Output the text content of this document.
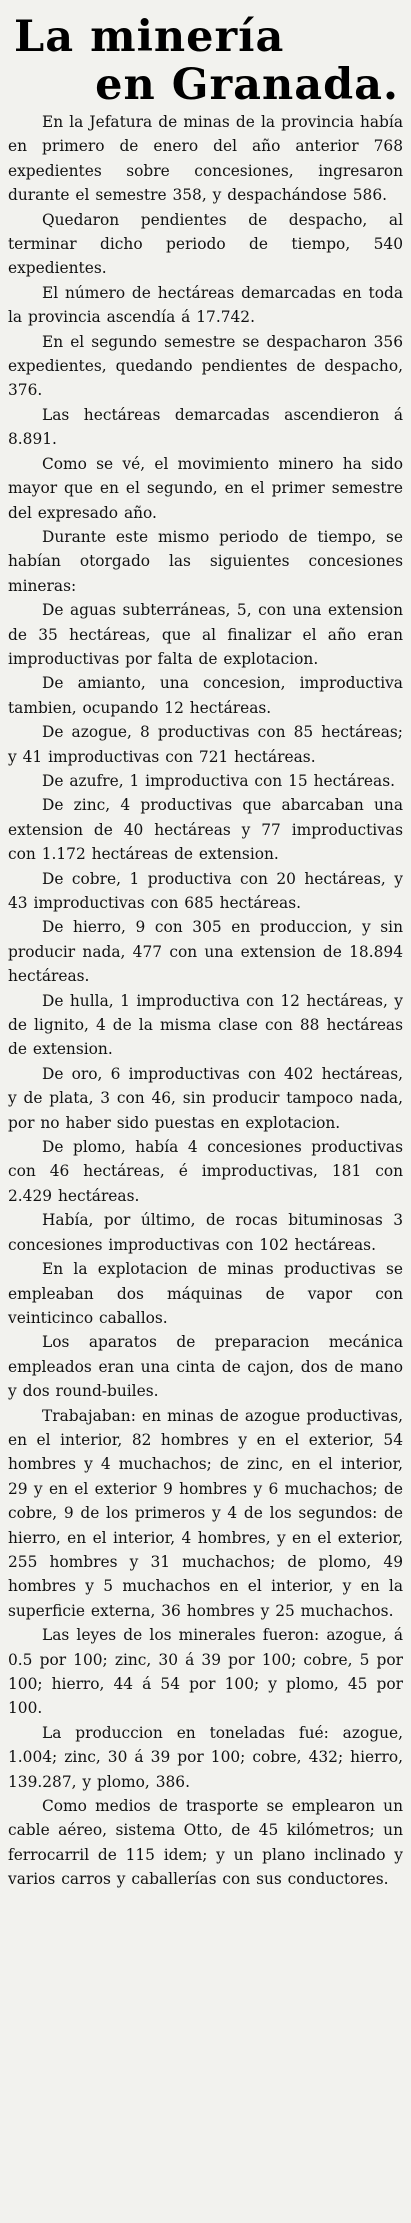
La minería
en Granada.

En la Jefatura de minas de la provincia había en primero de enero del año anterior 768 expedientes sobre concesiones, ingresaron durante el semestre 358, y despachándose 586.

Quedaron pendientes de despacho, al terminar dicho periodo de tiempo, 540 expedientes.

El número de hectáreas demarcadas en toda la provincia ascendía á 17.742.

En el segundo semestre se despacharon 356 expedientes, quedando pendientes de despacho, 376.

Las hectáreas demarcadas ascendieron á 8.891.

Como se vé, el movimiento minero ha sido mayor que en el segundo, en el primer semestre del expresado año.

Durante este mismo periodo de tiempo, se habían otorgado las siguientes concesiones mineras:

De aguas subterráneas, 5, con una extension de 35 hectáreas, que al finalizar el año eran improductivas por falta de explotacion.

De amianto, una concesion, improductiva tambien, ocupando 12 hectáreas.

De azogue, 8 productivas con 85 hectáreas; y 41 improductivas con 721 hectáreas.

De azufre, 1 improductiva con 15 hectáreas.

De zinc, 4 productivas que abarcaban una extension de 40 hectáreas y 77 improductivas con 1.172 hectáreas de extension.

De cobre, 1 productiva con 20 hectáreas, y 43 improductivas con 685 hectáreas.

De hierro, 9 con 305 en produccion, y sin producir nada, 477 con una extension de 18.894 hectáreas.

De hulla, 1 improductiva con 12 hectáreas, y de lignito, 4 de la misma clase con 88 hectáreas de extension.

De oro, 6 improductivas con 402 hectáreas, y de plata, 3 con 46, sin producir tampoco nada, por no haber sido puestas en explotacion.

De plomo, había 4 concesiones productivas con 46 hectáreas, é improductivas, 181 con 2.429 hectáreas.

Había, por último, de rocas bituminosas 3 concesiones improductivas con 102 hectáreas.

En la explotacion de minas productivas se empleaban dos máquinas de vapor con veinticinco caballos.

Los aparatos de preparacion mecánica empleados eran una cinta de cajon, dos de mano y dos round-builes.

Trabajaban: en minas de azogue productivas, en el interior, 82 hombres y en el exterior, 54 hombres y 4 muchachos; de zinc, en el interior, 29 y en el exterior 9 hombres y 6 muchachos; de cobre, 9 de los primeros y 4 de los segundos: de hierro, en el interior, 4 hombres, y en el exterior, 255 hombres y 31 muchachos; de plomo, 49 hombres y 5 muchachos en el interior, y en la superficie externa, 36 hombres y 25 muchachos.

Las leyes de los minerales fueron: azogue, á 0.5 por 100; zinc, 30 á 39 por 100; cobre, 5 por 100; hierro, 44 á 54 por 100; y plomo, 45 por 100.

La produccion en toneladas fué: azogue, 1.004; zinc, 30 á 39 por 100; cobre, 432; hierro, 139.287, y plomo, 386.

Como medios de trasporte se emplearon un cable aéreo, sistema Otto, de 45 kilómetros; un ferrocarril de 115 idem; y un plano inclinado y varios carros y caballerías con sus conductores.
